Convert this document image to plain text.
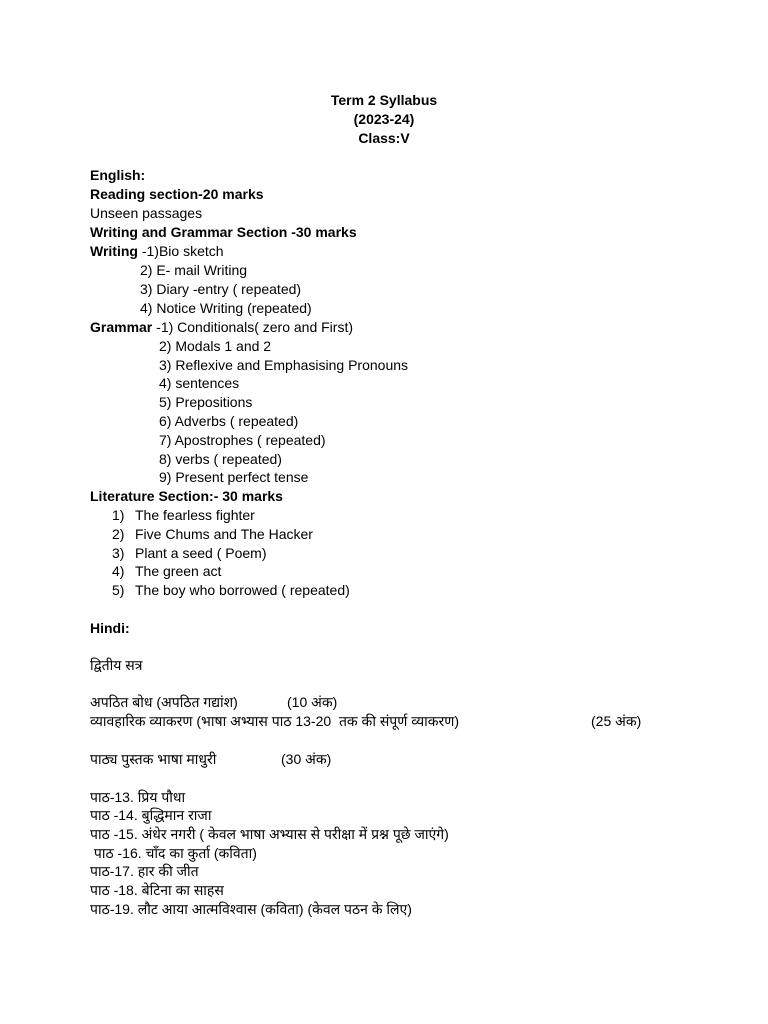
Term 2 Syllabus
(2023-24)
Class:V
English:
Reading section-20 marks
Unseen passages
Writing and Grammar Section -30 marks
Writing -1)Bio sketch
2) E- mail Writing
3) Diary -entry ( repeated)
4) Notice Writing (repeated)
Grammar -1) Conditionals( zero and First)
2) Modals 1 and 2
3) Reflexive and Emphasising Pronouns
4) sentences
5) Prepositions
6) Adverbs ( repeated)
7) Apostrophes ( repeated)
8) verbs ( repeated)
9) Present perfect tense
Literature Section:- 30 marks
1) The fearless fighter
2) Five Chums and The Hacker
3) Plant a seed ( Poem)
4) The green act
5) The boy who borrowed ( repeated)
Hindi:
द्वितीय सत्र
अपठित बोध (अपठित गद्यांश)	(10 अंक)
व्यावहारिक व्याकरण (भाषा अभ्यास पाठ 13-20  तक की संपूर्ण व्याकरण)	(25 अंक)
पाठ्य पुस्तक भाषा माधुरी	(30 अंक)
पाठ-13. प्रिय पौधा
पाठ -14. बुद्धिमान राजा
पाठ -15. अंधेर नगरी ( केवल भाषा अभ्यास से परीक्षा में प्रश्न पूछे जाएंगे)
पाठ -16. चाँद का कुर्ता (कविता)
पाठ-17. हार की जीत
पाठ -18. बेटिना का साहस
पाठ-19. लौट आया आत्मविश्वास (कविता) (केवल पठन के लिए)
